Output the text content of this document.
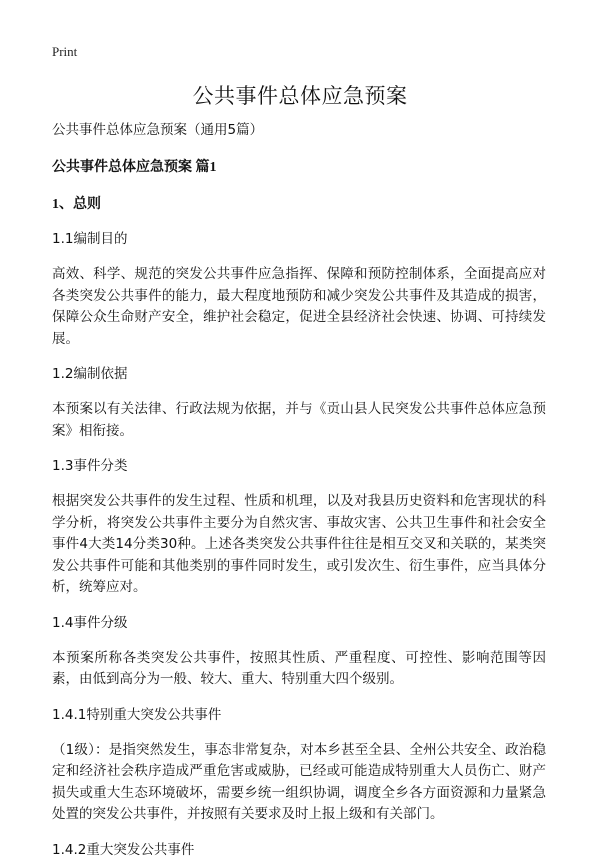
Print
公共事件总体应急预案

公共事件总体应急预案（通用5篇）

公共事件总体应急预案 篇1

1、总则

1.1编制目的

高效、科学、规范的突发公共事件应急指挥、保障和预防控制体系，全面提高应对各类突发公共事件的能力，最大程度地预防和减少突发公共事件及其造成的损害，保障公众生命财产安全，维护社会稳定，促进全县经济社会快速、协调、可持续发展。

1.2编制依据

本预案以有关法律、行政法规为依据，并与《贡山县人民突发公共事件总体应急预案》相衔接。

1.3事件分类

根据突发公共事件的发生过程、性质和机理，以及对我县历史资料和危害现状的科学分析，将突发公共事件主要分为自然灾害、事故灾害、公共卫生事件和社会安全事件4大类14分类30种。上述各类突发公共事件往往是相互交叉和关联的，某类突发公共事件可能和其他类别的事件同时发生，或引发次生、衍生事件，应当具体分析，统筹应对。

1.4事件分级

本预案所称各类突发公共事件，按照其性质、严重程度、可控性、影响范围等因素，由低到高分为一般、较大、重大、特别重大四个级别。

1.4.1特别重大突发公共事件

（1级）：是指突然发生，事态非常复杂，对本乡甚至全县、全州公共安全、政治稳定和经济社会秩序造成严重危害或威胁，已经或可能造成特别重大人员伤亡、财产损失或重大生态环境破坏，需要乡统一组织协调，调度全乡各方面资源和力量紧急处置的突发公共事件，并按照有关要求及时上报上级和有关部门。

1.4.2重大突发公共事件
